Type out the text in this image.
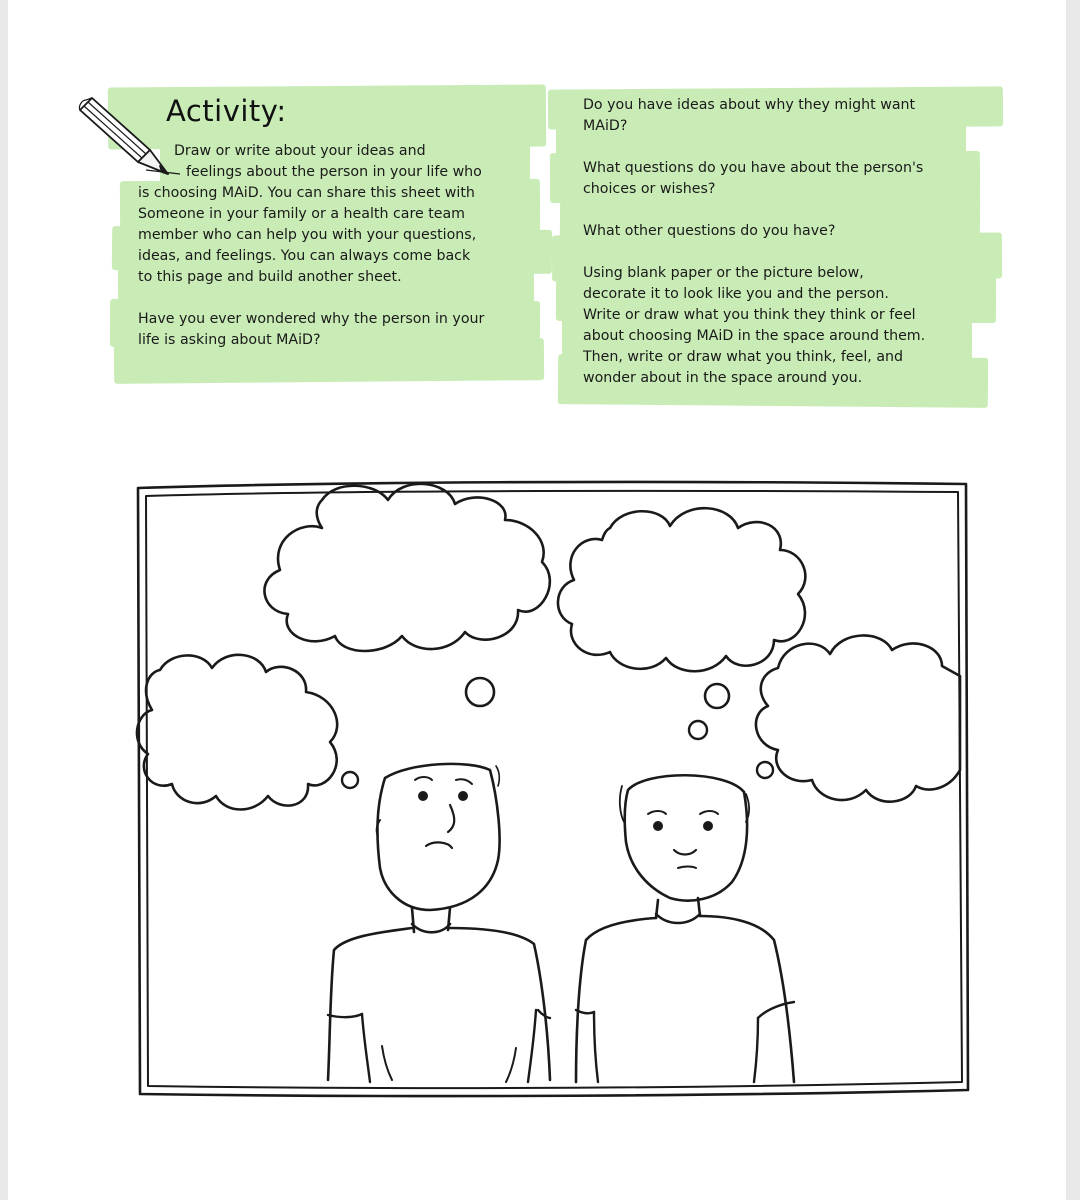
Activity:

Draw or write about your ideas and

feelings about the person in your life who

is choosing MAiD. You can share this sheet with

Someone in your family or a health care team

member who can help you with your questions,

ideas, and feelings. You can always come back

to this page and build another sheet.

Have you ever wondered why the person in your

life is asking about MAiD?

Do you have ideas about why they might want

MAiD?

What questions do you have about the person's

choices or wishes?

What other questions do you have?

Using blank paper or the picture below,

decorate it to look like you and the person.

Write or draw what you think they think or feel

about choosing MAiD in the space around them.

Then, write or draw what you think, feel, and

wonder about in the space around you.
